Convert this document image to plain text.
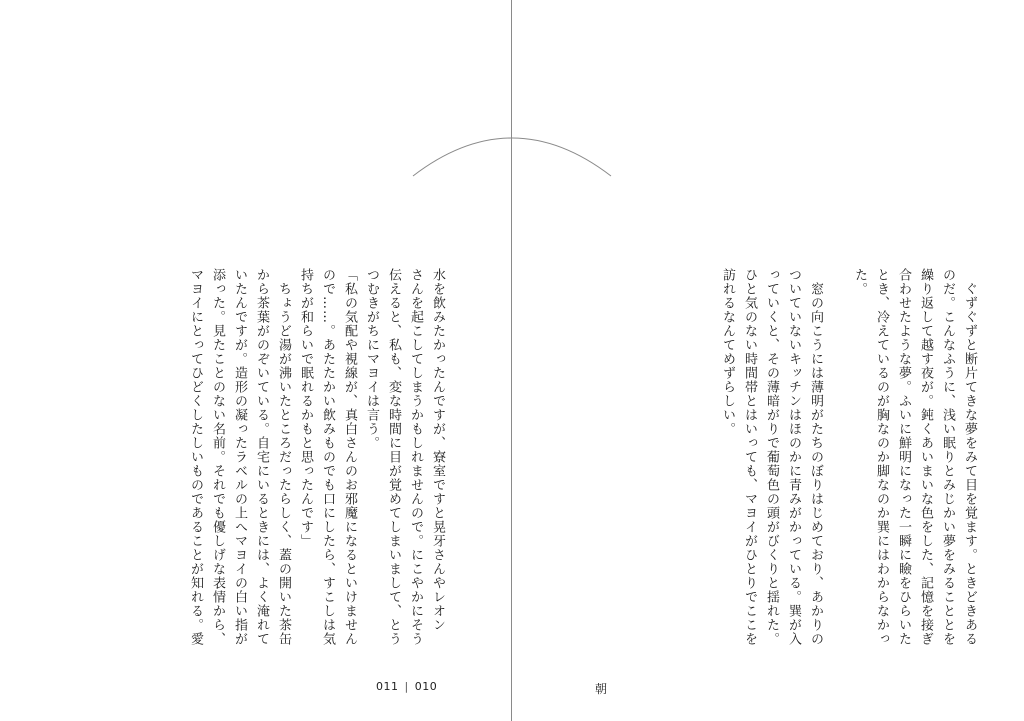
　ぐずぐずと断片てきな夢をみて目を覚ます。ときどきある

のだ。こんなふうに、浅い眠りとみじかい夢をみることとを

繰り返して越す夜が。鈍くあいまいな色をした、記憶を接ぎ

合わせたような夢。ふいに鮮明になった一瞬に瞼をひらいた

とき、冷えているのが胸なのか脚なのか巽にはわからなかっ

た。

　窓の向こうには薄明がたちのぼりはじめており、あかりの

ついていないキッチンはほのかに青みがかっている。巽が入

っていくと、その薄暗がりで葡萄色の頭がびくりと揺れた。

ひと気のない時間帯とはいっても、マヨイがひとりでここを

訪れるなんてめずらしい。

水を飲みたかったんですが、寮室ですと晃牙さんやレオン

さんを起こしてしまうかもしれませんので。にこやかにそう

伝えると、私も、変な時間に目が覚めてしまいまして、とう

つむきがちにマヨイは言う。

「私の気配や視線が、真白さんのお邪魔になるといけません

ので……。あたたかい飲みものでも口にしたら、すこしは気

持ちが和らいで眠れるかもと思ったんです」

　ちょうど湯が沸いたところだったらしく、蓋の開いた茶缶

から茶葉がのぞいている。自宅にいるときには、よく淹れて

いたんですが。造形の凝ったラベルの上へマヨイの白い指が

添った。見たことのない名前。それでも優しげな表情から、

マヨイにとってひどくしたしいものであることが知れる。愛

011 | 010	朝
